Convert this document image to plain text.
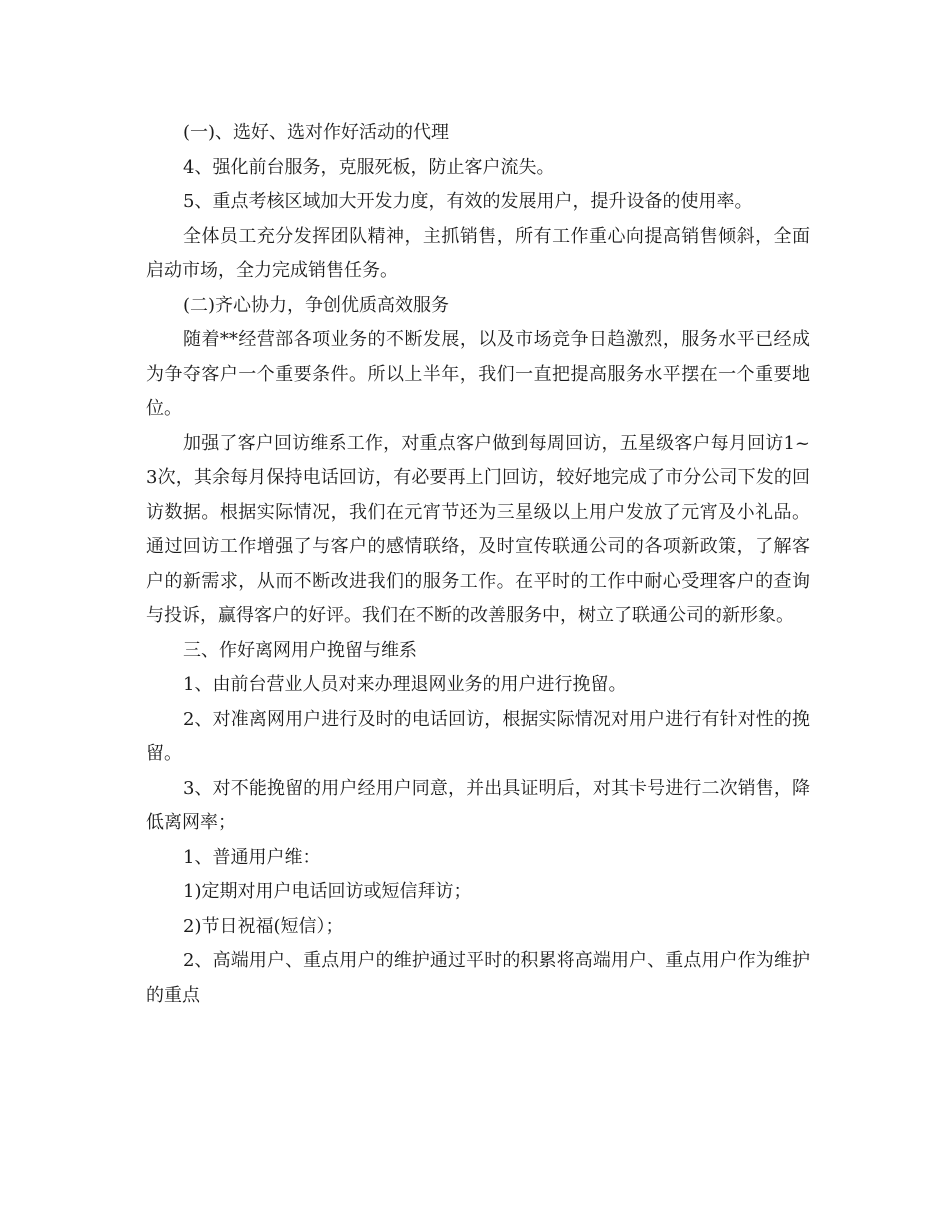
(一)、选好、选对作好活动的代理

4、强化前台服务，克服死板，防止客户流失。

5、重点考核区域加大开发力度，有效的发展用户，提升设备的使用率。

全体员工充分发挥团队精神，主抓销售，所有工作重心向提高销售倾斜，全面启动市场，全力完成销售任务。

(二)齐心协力，争创优质高效服务

随着**经营部各项业务的不断发展，以及市场竞争日趋激烈，服务水平已经成为争夺客户一个重要条件。所以上半年，我们一直把提高服务水平摆在一个重要地位。

加强了客户回访维系工作，对重点客户做到每周回访，五星级客户每月回访1~3次，其余每月保持电话回访，有必要再上门回访，较好地完成了市分公司下发的回访数据。根据实际情况，我们在元宵节还为三星级以上用户发放了元宵及小礼品。通过回访工作增强了与客户的感情联络，及时宣传联通公司的各项新政策，了解客户的新需求，从而不断改进我们的服务工作。在平时的工作中耐心受理客户的查询与投诉，赢得客户的好评。我们在不断的改善服务中，树立了联通公司的新形象。

三、作好离网用户挽留与维系

1、由前台营业人员对来办理退网业务的用户进行挽留。

2、对准离网用户进行及时的电话回访，根据实际情况对用户进行有针对性的挽留。

3、对不能挽留的用户经用户同意，并出具证明后，对其卡号进行二次销售，降低离网率；

1、普通用户维：

1)定期对用户电话回访或短信拜访；

2)节日祝福(短信）；

2、高端用户、重点用户的维护通过平时的积累将高端用户、重点用户作为维护的重点
